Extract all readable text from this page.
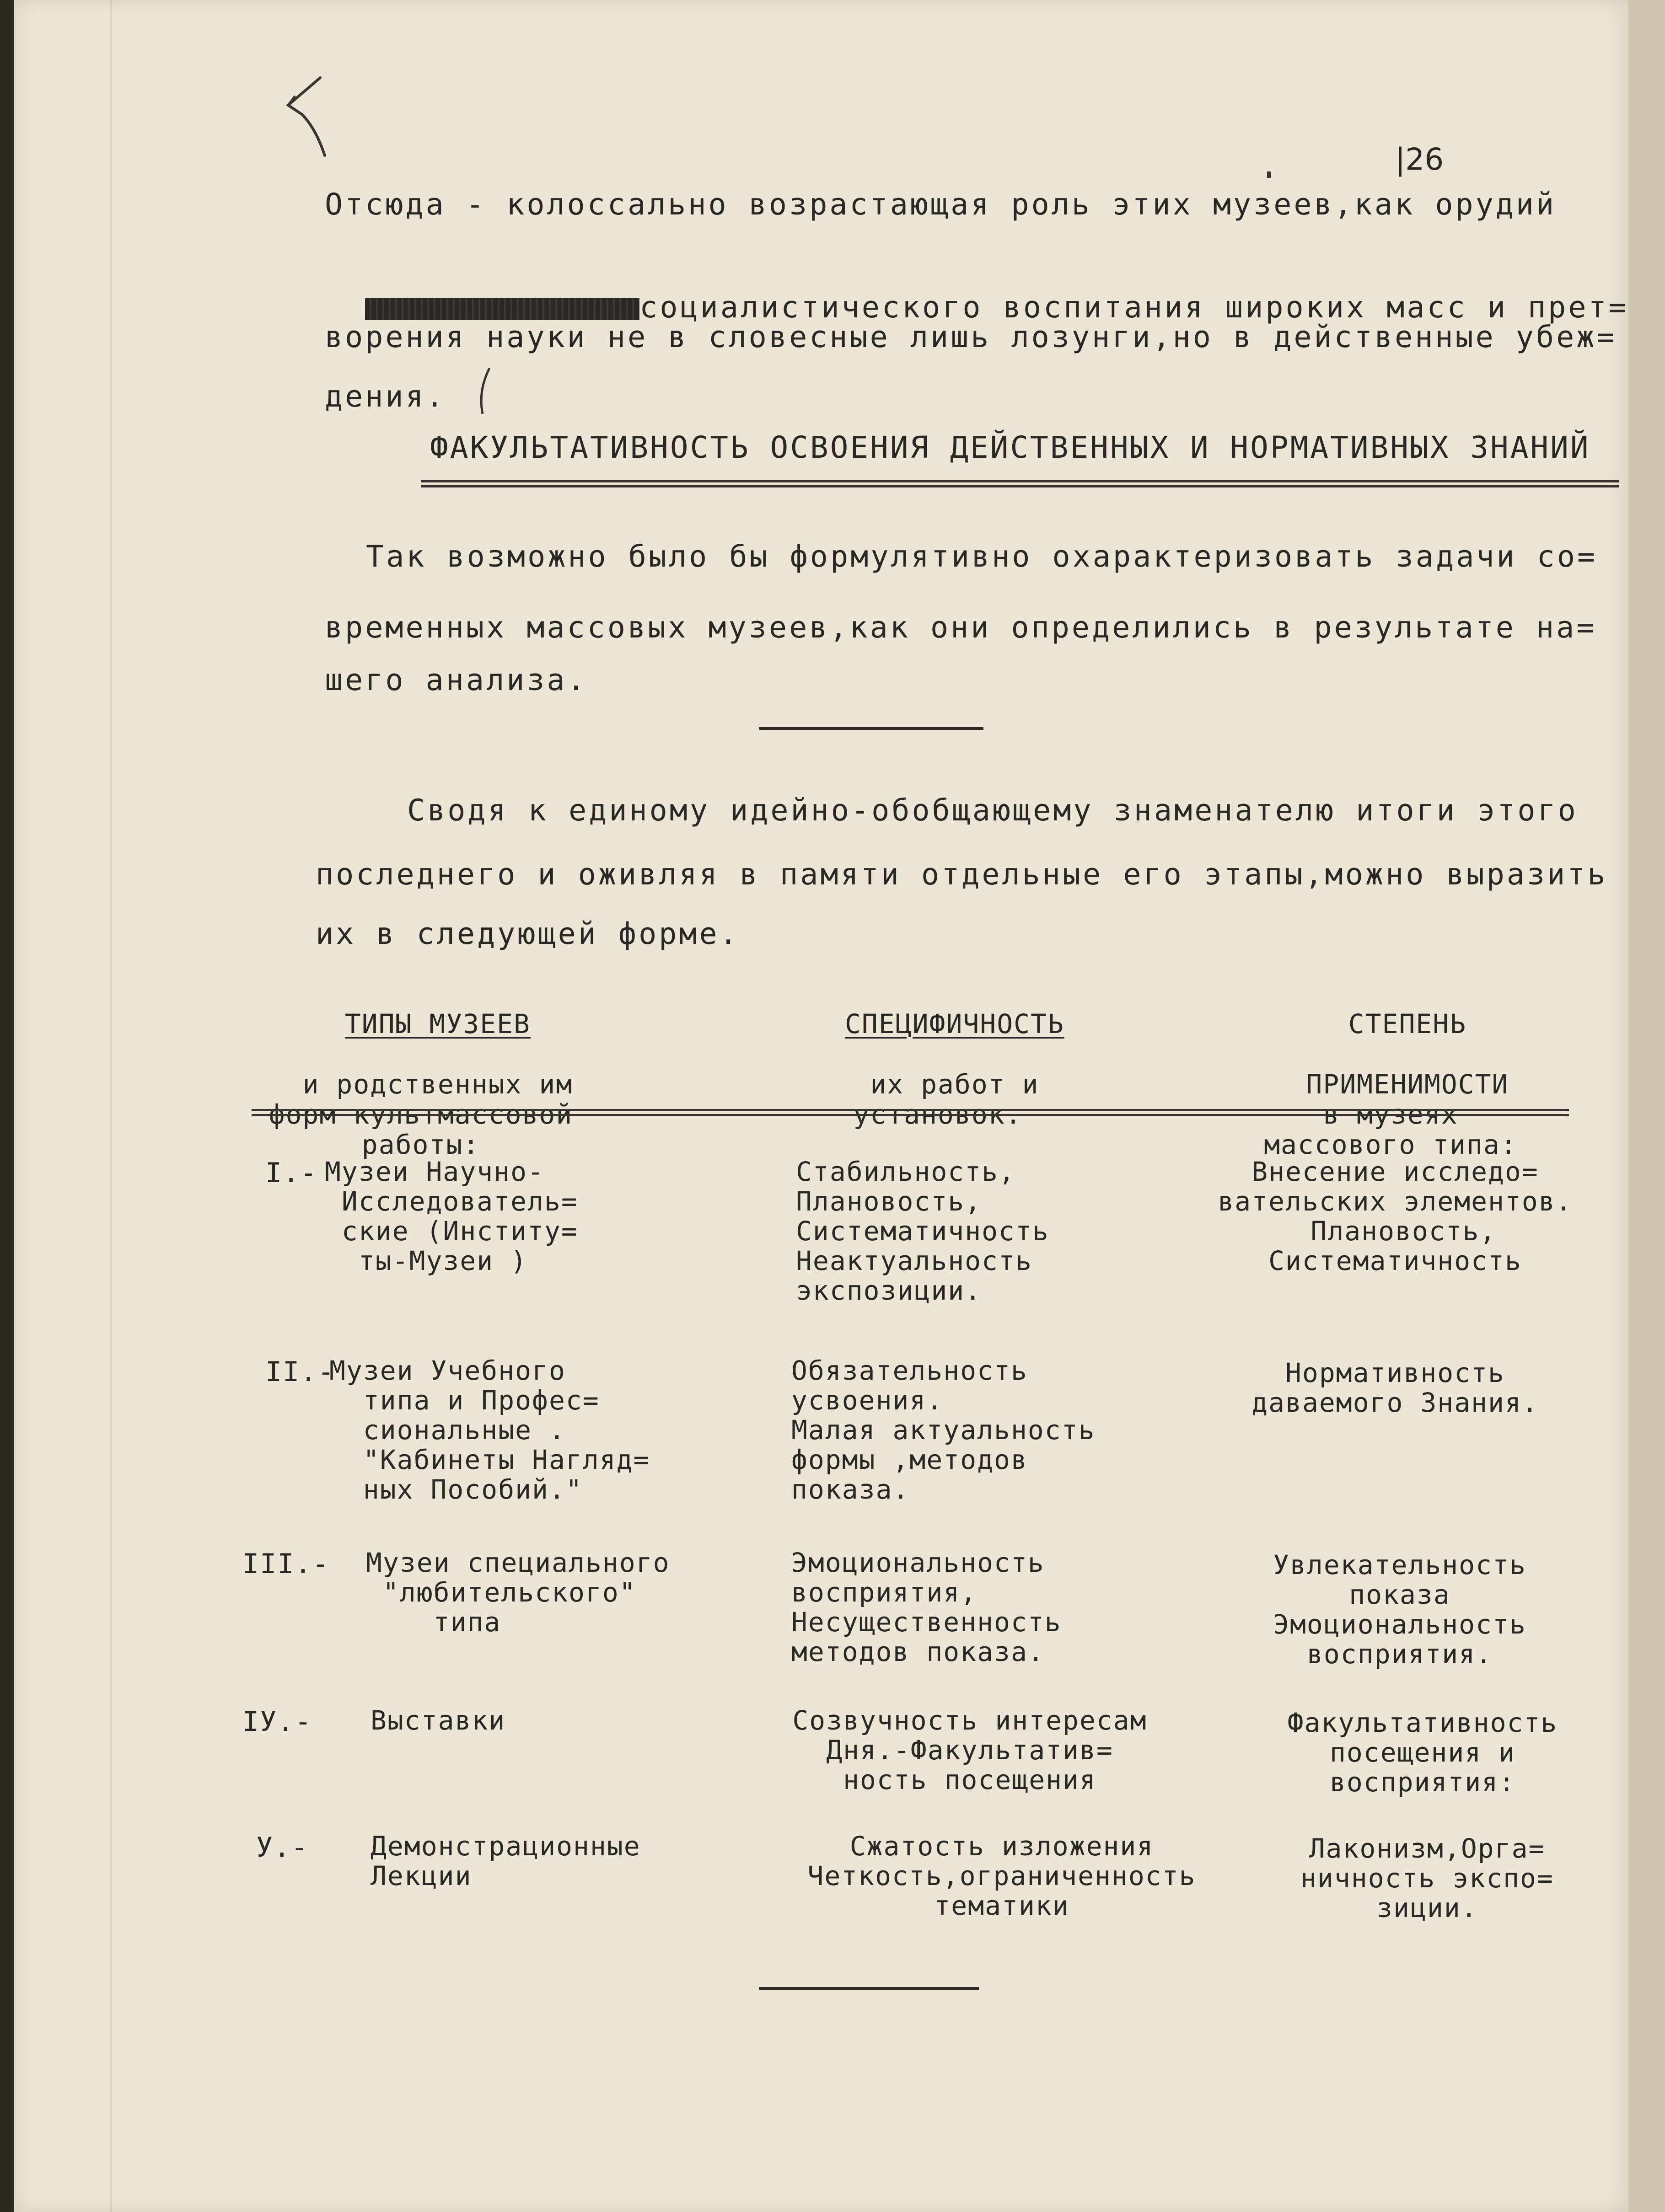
|26
Отсюда - колоссально возрастающая роль этих музеев,как орудий

социалистического воспитания широких масс и прет=

ворения науки не в словесные лишь лозунги,но в действенные убеж=
дения.
ФАКУЛЬТАТИВНОСТЬ ОСВОЕНИЯ ДЕЙСТВЕННЫХ И НОРМАТИВНЫХ ЗНАНИЙ
Так возможно было бы формулятивно охарактеризовать задачи со=
временных массовых музеев,как они определились в результате на=
шего анализа.
Сводя к единому идейно-обобщающему знаменателю итоги этого
последнего и оживляя в памяти отдельные его этапы,можно выразить
их в следующей форме.

ТИПЫ МУЗЕЕВ

и родственных им
форм культмассовой
работы:

СПЕЦИФИЧНОСТЬ

их работ и
установок.

СТЕПЕНЬ

ПРИМЕНИМОСТИ
в музеях
массового типа:

I.- Музеи Научно-
Исследователь=
ские (Институ=
ты-Музеи )
Стабильность,
Плановость,
Систематичность
Неактуальность
экспозиции.
Внесение исследо=
вательских элементов.
Плановость,
Систематичность
II.-
Музеи Учебного
типа и Профес=
сиональные .
"Кабинеты Нагляд=
ных Пособий."
Обязательность
усвоения.
Малая актуальность
формы ,методов
показа.
Нормативность
даваемого Знания.
III.- Музеи специального
"любительского"
типа
Эмоциональность
восприятия,
Несущественность
методов показа.
Увлекательность
показа
Эмоциональность
восприятия.
IУ.- Выставки	Созвучность интересам
Дня.-Факультатив=
ность посещения
Факультативность
посещения и
восприятия:
У.- Демонстрационные
Лекции
Сжатость изложения
Четкость,ограниченность
тематики
Лаконизм,Орга=
ничность экспо=
зиции.
